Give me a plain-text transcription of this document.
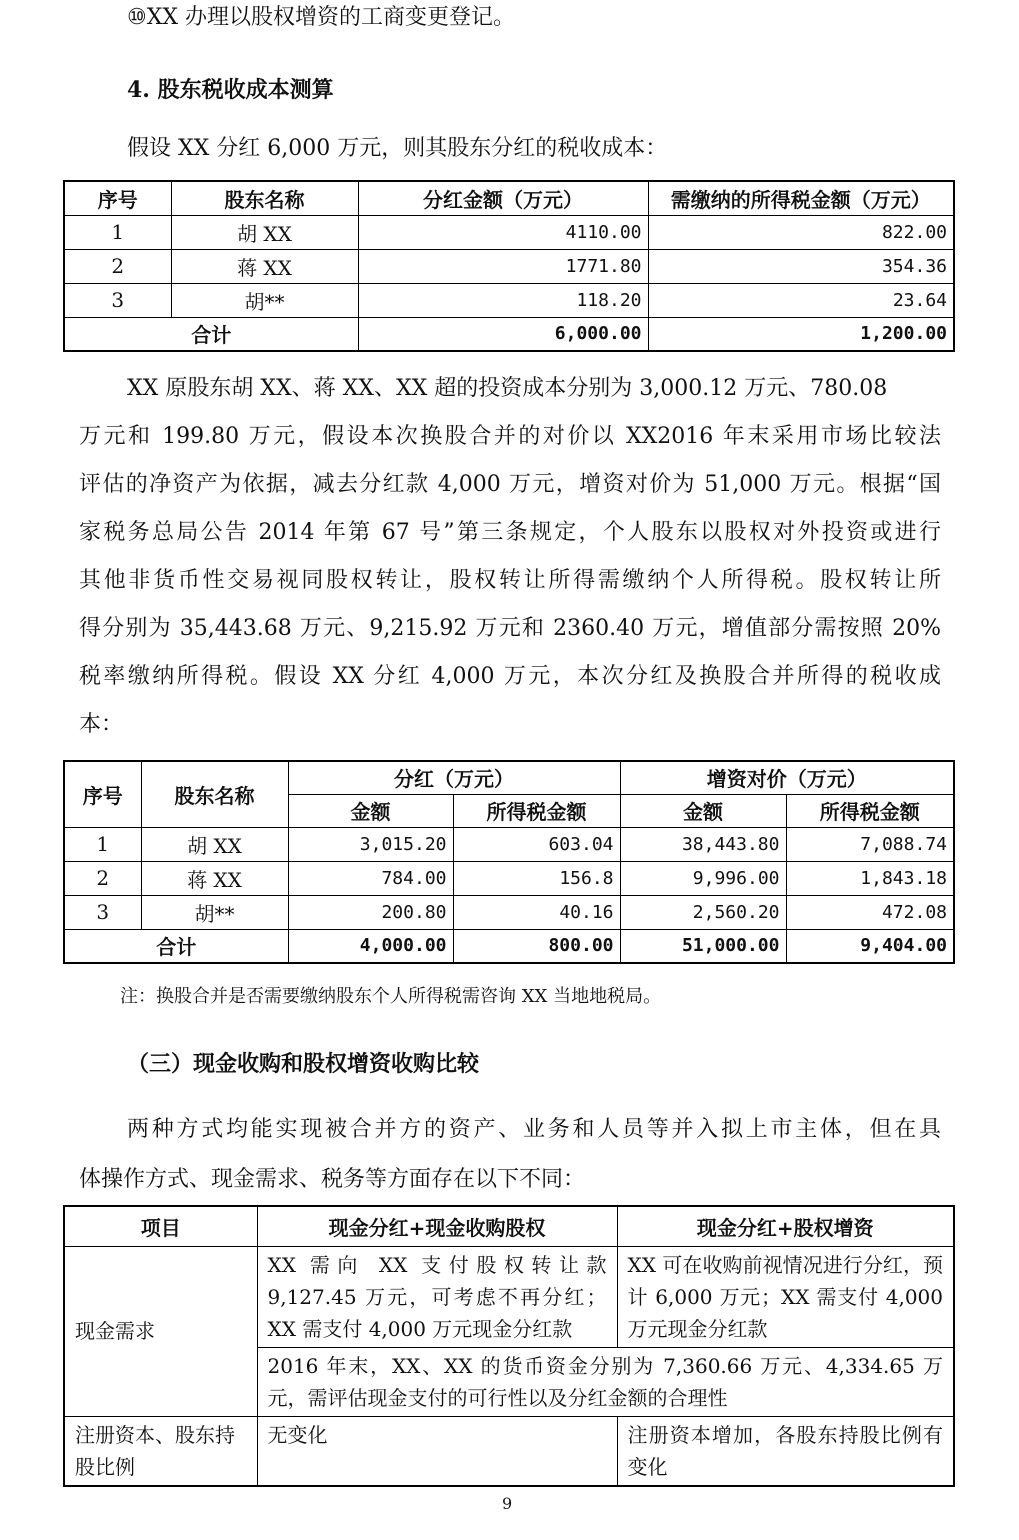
⑩XX 办理以股权增资的工商变更登记。
4. 股东税收成本测算
假设 XX 分红 6,000 万元，则其股东分红的税收成本：
序号	股东名称	分红金额（万元）	需缴纳的所得税金额（万元）
1	胡 XX	4110.00	822.00
2	蒋 XX	1771.80	354.36
3	胡**	118.20	23.64
合计		6,000.00	1,200.00

XX 原股东胡 XX、蒋 XX、XX 超的投资成本分别为 3,000.12 万元、780.08

万元和 199.80 万元，假设本次换股合并的对价以 XX2016 年末采用市场比较法

评估的净资产为依据，减去分红款 4,000 万元，增资对价为 51,000 万元。根据“国

家税务总局公告 2014 年第 67 号”第三条规定，个人股东以股权对外投资或进行

其他非货币性交易视同股权转让，股权转让所得需缴纳个人所得税。股权转让所

得分别为 35,443.68 万元、9,215.92 万元和 2360.40 万元，增值部分需按照 20%

税率缴纳所得税。假设 XX 分红 4,000 万元，本次分红及换股合并所得的税收成

本：

序号	股东名称	分红（万元）		增资对价（万元）	
		金额	所得税金额	金额	所得税金额
1	胡 XX	3,015.20	603.04	38,443.80	7,088.74
2	蒋 XX	784.00	156.8	9,996.00	1,843.18
3	胡**	200.80	40.16	2,560.20	472.08
合计		4,000.00	800.00	51,000.00	9,404.00
注：换股合并是否需要缴纳股东个人所得税需咨询 XX 当地地税局。
（三）现金收购和股权增资收购比较

两种方式均能实现被合并方的资产、业务和人员等并入拟上市主体，但在具

体操作方式、现金需求、税务等方面存在以下不同：

项目	现金分红+现金收购股权	现金分红+股权增资
现金需求	XX 需向 XX 支付股权转让款 9,127.45 万元，可考虑不再分红；XX 需支付 4,000 万元现金分红款	XX 可在收购前视情况进行分红，预计 6,000 万元；XX 需支付 4,000 万元现金分红款
	2016 年末，XX、XX 的货币资金分别为 7,360.66 万元、4,334.65 万元，需评估现金支付的可行性以及分红金额的合理性	
注册资本、股东持股比例	无变化	注册资本增加，各股东持股比例有变化
9
